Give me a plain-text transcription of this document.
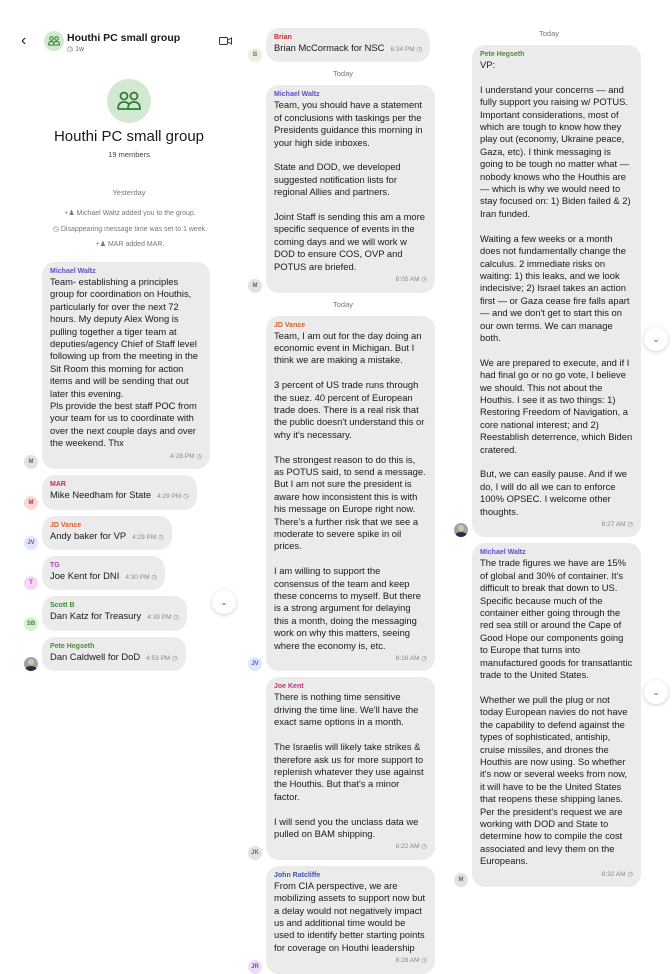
‹	Houthi PC small group
◷ 1w
Houthi PC small group
19 members
Yesterday
+♟ Michael Waltz added you to the group.
◷ Disappearing message time was set to 1 week.
+♟ MAR added MAR.
M
Michael Waltz
Team- establishing a principles group for coordination on Houthis, particularly for over the next 72 hours. My deputy Alex Wong is pulling together a tiger team at deputies/agency Chief of Staff level following up from the meeting in the Sit Room this morning for action items and will be sending that out later this evening.
Pls provide the best staff POC from your team for us to coordinate with over the next couple days and over the weekend. Thx
4:28 PM ◷
M
MAR
Mike Needham for State 4:29 PM ◷
JV
JD Vance
Andy baker for VP 4:29 PM ◷
T
TG
Joe Kent for DNI 4:30 PM ◷
SB
Scott B
Dan Katz for Treasury 4:39 PM ◷
Pete Hegseth
Dan Caldwell for DoD 4:53 PM ◷
B
Brian
Brian McCormack for NSC 6:34 PM ◷
Today
M
Michael Waltz
Team, you should have a statement of conclusions with taskings per the Presidents guidance this morning in your high side inboxes.

State and DOD, we developed suggested notification lists for regional Allies and partners.

Joint Staff is sending this am a more specific sequence of events in the coming days and we will work w DOD to ensure COS, OVP and POTUS are briefed.
8:05 AM ◷
Today
JV
JD Vance
Team, I am out for the day doing an economic event in Michigan. But I think we are making a mistake.

3 percent of US trade runs through the suez. 40 percent of European trade does. There is a real risk that the public doesn't understand this or why it's necessary.

The strongest reason to do this is, as POTUS said, to send a message. But I am not sure the president is aware how inconsistent this is with his message on Europe right now. There's a further risk that we see a moderate to severe spike in oil prices.

I am willing to support the consensus of the team and keep these concerns to myself. But there is a strong argument for delaying this a month, doing the messaging work on why this matters, seeing where the economy is, etc.
8:16 AM ◷
JK
Joe Kent
There is nothing time sensitive driving the time line. We'll have the exact same options in a month.

The Israelis will likely take strikes & therefore ask us for more support to replenish whatever they use against the Houthis. But that's a minor factor.

I will send you the unclass data we pulled on BAM shipping.
8:22 AM ◷
JR
John Ratcliffe
From CIA perspective, we are mobilizing assets to support now but a delay would not negatively impact us and additional time would be used to identify better starting points for coverage on Houthi leadership
8:28 AM ◷
Today
Pete Hegseth
VP:

I understand your concerns — and fully support you raising w/ POTUS. Important considerations, most of which are tough to know how they play out (economy, Ukraine peace, Gaza, etc). I think messaging is going to be tough no matter what — nobody knows who the Houthis are — which is why we would need to stay focused on: 1) Biden failed & 2) Iran funded.

Waiting a few weeks or a month does not fundamentally change the calculus. 2 immediate risks on waiting: 1) this leaks, and we look indecisive; 2) Israel takes an action first — or Gaza cease fire falls apart — and we don't get to start this on our own terms. We can manage both.

We are prepared to execute, and if I had final go or no go vote, I believe we should. This not about the Houthis. I see it as two things: 1) Restoring Freedom of Navigation, a core national interest; and 2) Reestablish deterrence, which Biden cratered.

But, we can easily pause. And if we do, I will do all we can to enforce 100% OPSEC. I welcome other thoughts.
8:27 AM ◷
M
Michael Waltz
The trade figures we have are 15% of global and 30% of container. It's difficult to break that down to US. Specific because much of the container either going through the red sea still or around the Cape of Good Hope our components going to Europe that turns into manufactured goods for transatlantic trade to the United States.

Whether we pull the plug or not today European navies do not have the capability to defend against the types of sophisticated, antiship, cruise missiles, and drones the Houthis are now using. So whether it's now or several weeks from now, it will have to be the United States that reopens these shipping lanes. Per the president's request we are working with DOD and State to determine how to compile the cost associated and levy them on the Europeans.
8:32 AM ◷
⌄
⌄
⌄
